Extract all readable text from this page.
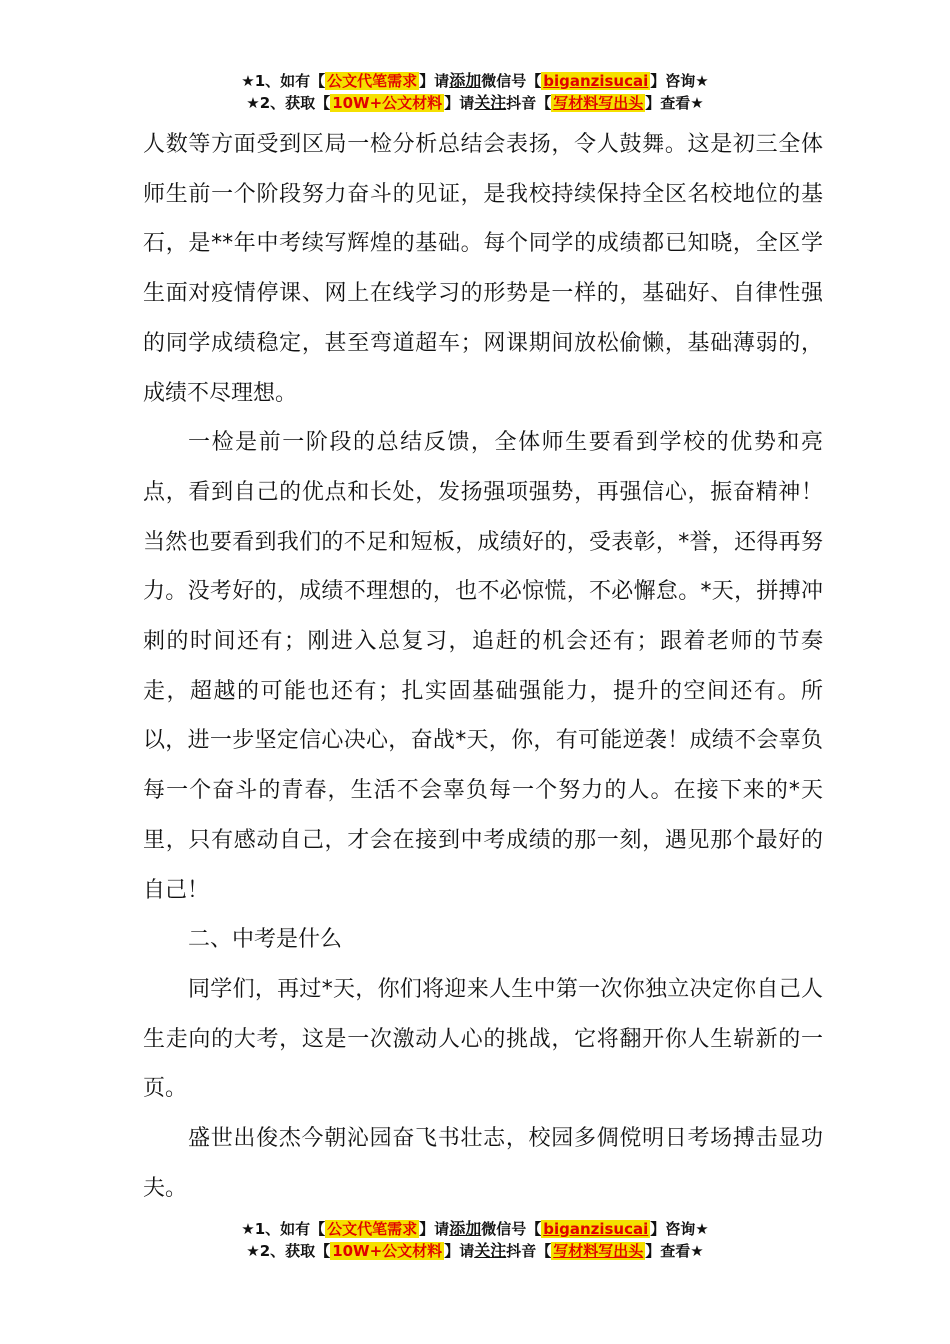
★1、如有【 公文代笔需求 】请添加微信号【 biganzisucai 】咨询★
★2、获取【 10W+公文材料 】请关注抖音【 写材料写出头 】查看★

人数等方面受到区局一检分析总结会表扬，令人鼓舞。这是初三全体师生前一个阶段努力奋斗的见证，是我校持续保持全区名校地位的基石，是**年中考续写辉煌的基础。每个同学的成绩都已知晓，全区学生面对疫情停课、网上在线学习的形势是一样的，基础好、自律性强的同学成绩稳定，甚至弯道超车；网课期间放松偷懒，基础薄弱的，成绩不尽理想。

一检是前一阶段的总结反馈，全体师生要看到学校的优势和亮点，看到自己的优点和长处，发扬强项强势，再强信心，振奋精神！当然也要看到我们的不足和短板，成绩好的，受表彰，*誉，还得再努力。没考好的，成绩不理想的，也不必惊慌，不必懈怠。*天，拼搏冲刺的时间还有；刚进入总复习，追赶的机会还有；跟着老师的节奏走，超越的可能也还有；扎实固基础强能力，提升的空间还有。所以，进一步坚定信心决心，奋战*天，你，有可能逆袭！成绩不会辜负每一个奋斗的青春，生活不会辜负每一个努力的人。在接下来的*天里，只有感动自己，才会在接到中考成绩的那一刻，遇见那个最好的自己！

二、中考是什么

同学们，再过*天，你们将迎来人生中第一次你独立决定你自己人生走向的大考，这是一次激动人心的挑战，它将翻开你人生崭新的一页。

盛世出俊杰今朝沁园奋飞书壮志，校园多倜傥明日考场搏击显功夫。

★1、如有【 公文代笔需求 】请添加微信号【 biganzisucai 】咨询★
★2、获取【 10W+公文材料 】请关注抖音【 写材料写出头 】查看★
